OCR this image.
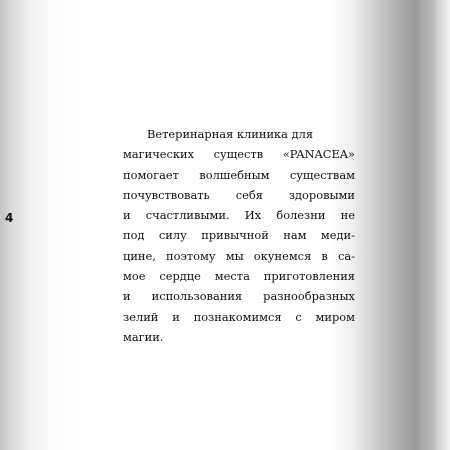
4
Ветеринарная клиника для
магических существ «PANACEA»
помогает волшебным существам
почувствовать себя здоровыми
и счастливыми. Их болезни не
под силу привычной нам меди-
цине, поэтому мы окунемся в са-
мое сердце места приготовления
и использования разнообразных
зелий и познакомимся с миром
магии.
